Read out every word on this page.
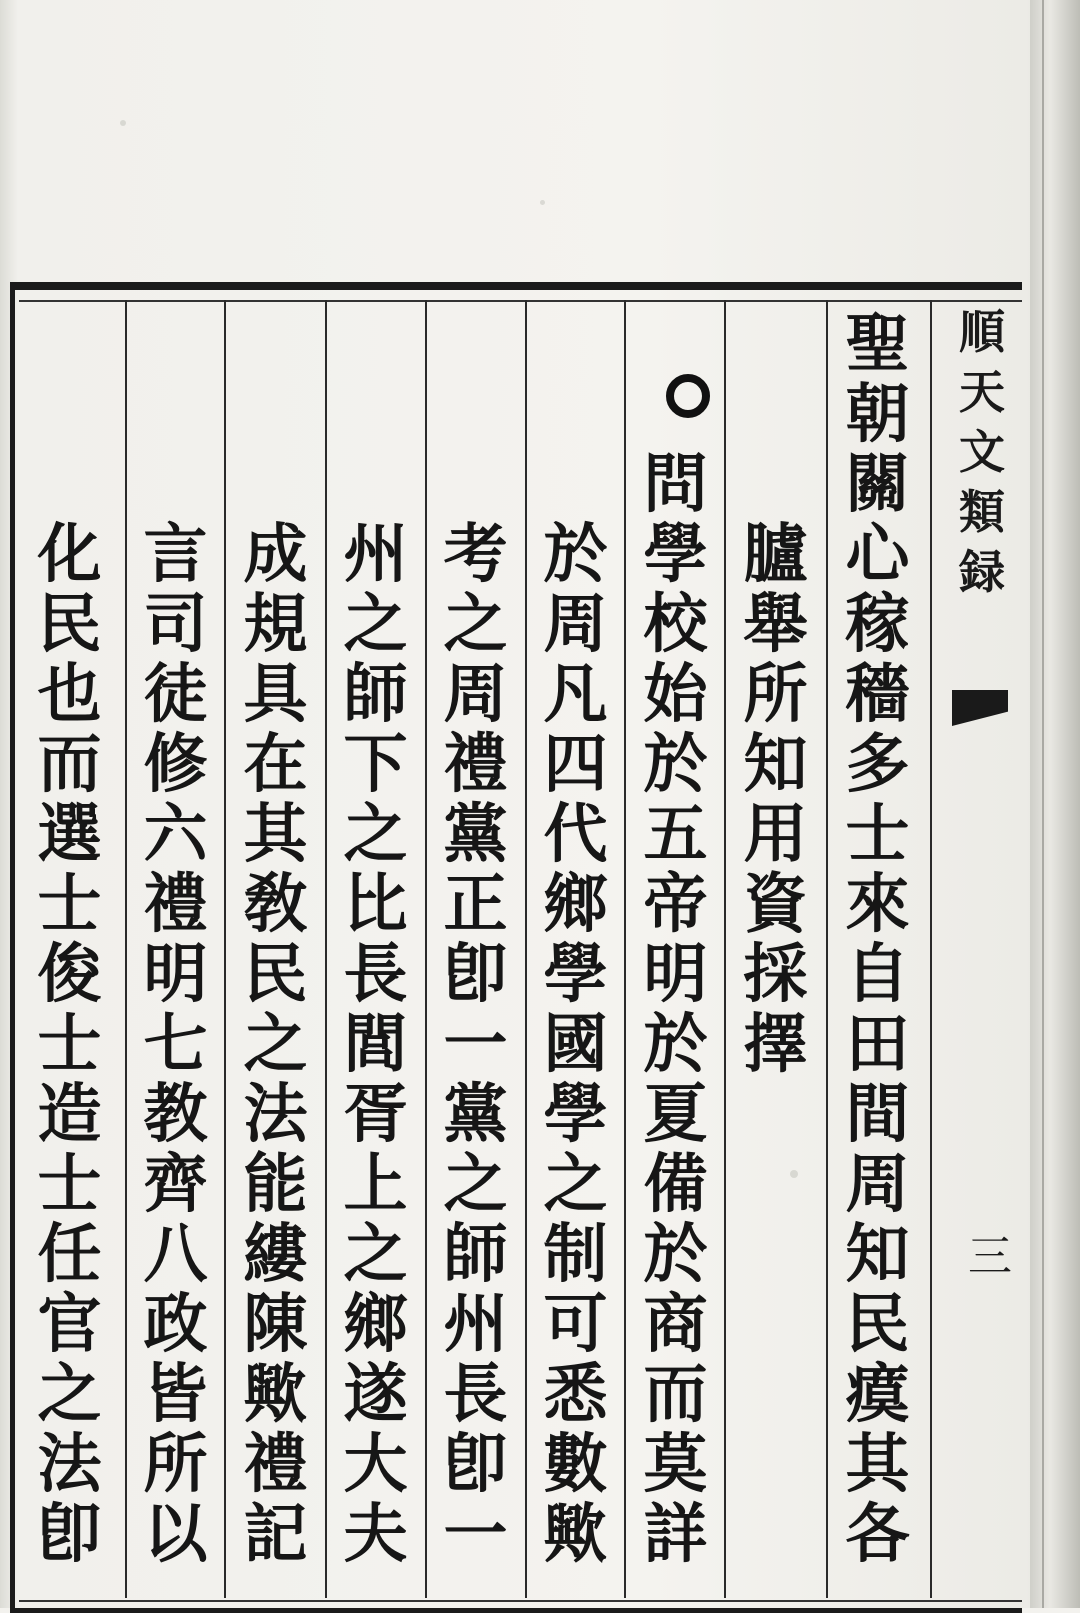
順
天
文
類
録
三
聖
朝
關
心
稼
穡
多
士
來
自
田
間
周
知
民
瘼
其
各
臚
舉
所
知
用
資
採
擇
問
學
校
始
於
五
帝
明
於
夏
備
於
商
而
莫
詳
於
周
凡
四
代
鄉
學
國
學
之
制
可
悉
數
歟
考
之
周
禮
黨
正
卽
一
黨
之
師
州
長
卽
一
州
之
師
下
之
比
長
閭
胥
上
之
鄉
遂
大
夫
成
規
具
在
其
敎
民
之
法
能
縷
陳
歟
禮
記
言
司
徒
修
六
禮
明
七
教
齊
八
政
皆
所
以
化
民
也
而
選
士
俊
士
造
士
任
官
之
法
卽
